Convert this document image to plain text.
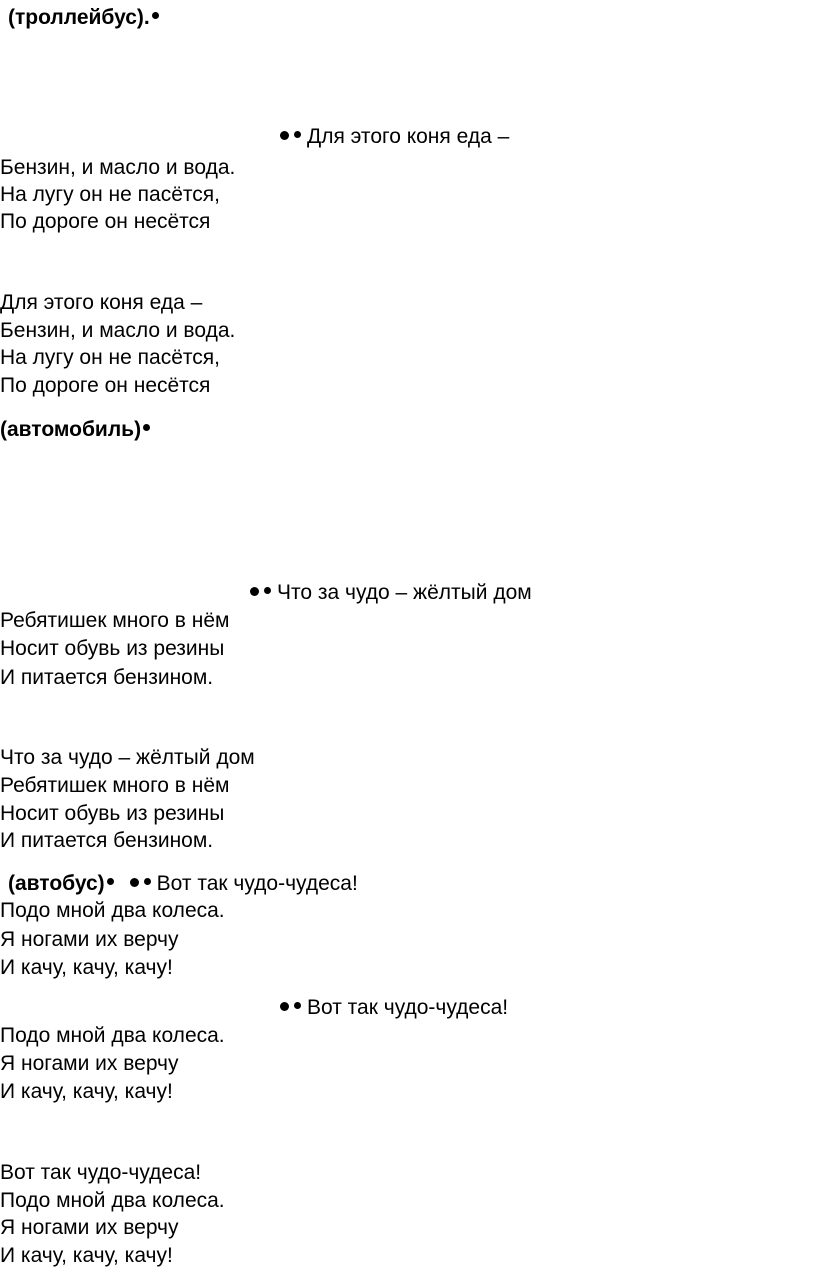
(троллейбус).
Для этого коня еда –
Бензин, и масло и вода.
На лугу он не пасётся,
По дороге он несётся
Для этого коня еда –
Бензин, и масло и вода.
На лугу он не пасётся,
По дороге он несётся
(автомобиль)
Что за чудо – жёлтый дом
Ребятишек много в нём
Носит обувь из резины
И питается бензином.
Что за чудо – жёлтый дом
Ребятишек много в нём
Носит обувь из резины
И питается бензином.
(автобус) Вот так чудо-чудеса!
Подо мной два колеса.
Я ногами их верчу
И качу, качу, качу!
Вот так чудо-чудеса!
Подо мной два колеса.
Я ногами их верчу
И качу, качу, качу!
Вот так чудо-чудеса!
Подо мной два колеса.
Я ногами их верчу
И качу, качу, качу!
